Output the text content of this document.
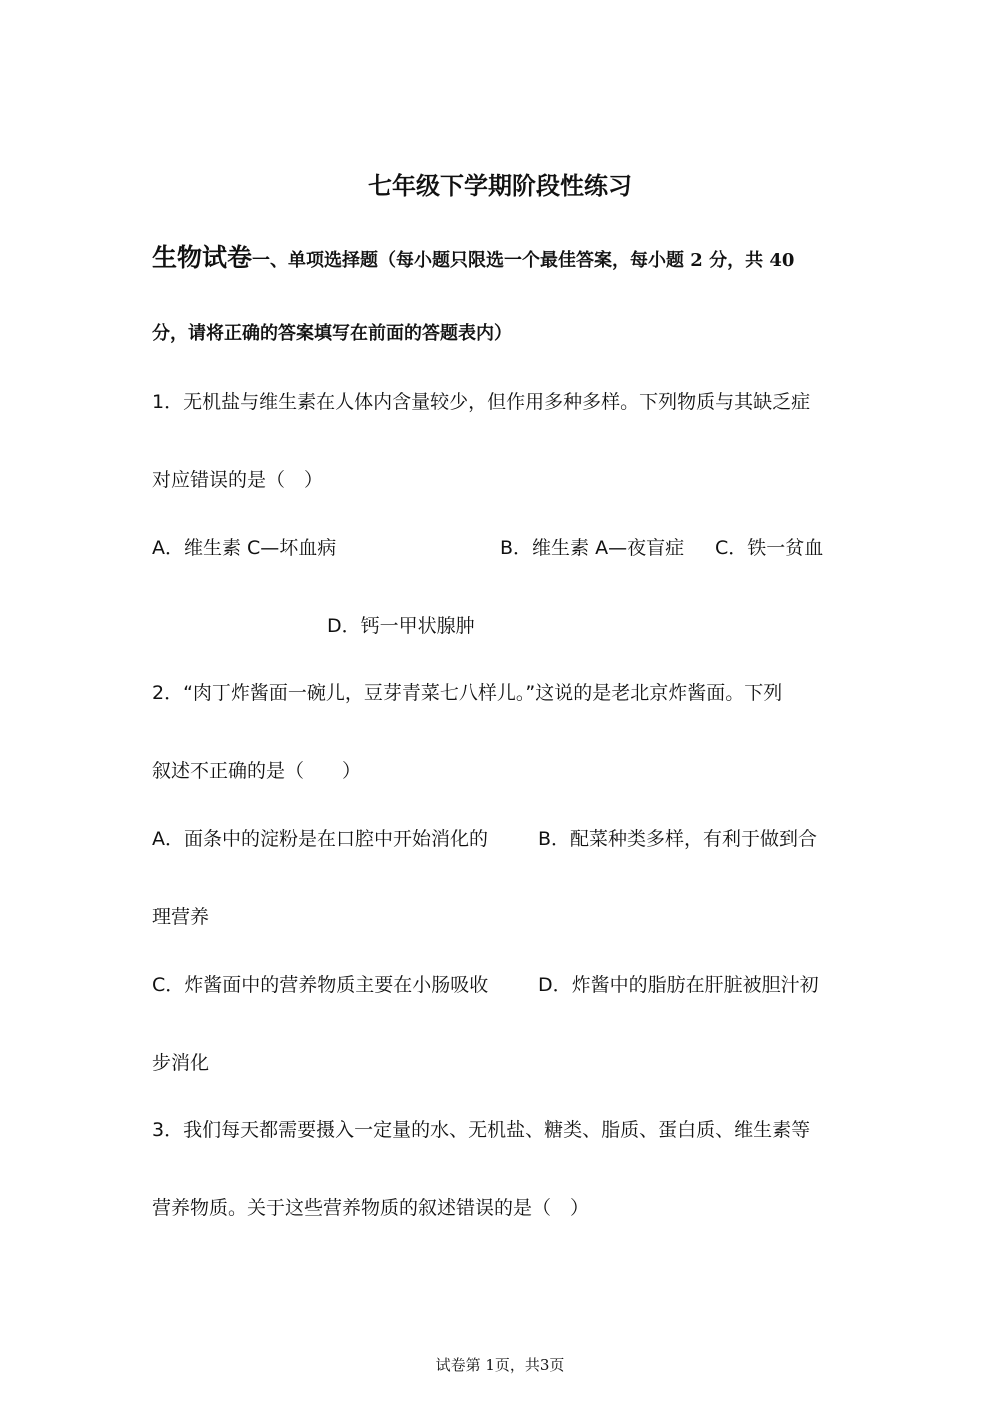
七年级下学期阶段性练习
生物试卷一、单项选择题（每小题只限选一个最佳答案，每小题 2 分，共 40
分，请将正确的答案填写在前面的答题表内）
1．无机盐与维生素在人体内含量较少，但作用多种多样。下列物质与其缺乏症
对应错误的是（　）
A．维生素 C—坏血病	B．维生素 A—夜盲症 C．铁一贫血
D．钙一甲状腺肿
2．“肉丁炸酱面一碗儿，豆芽青菜七八样儿。”这说的是老北京炸酱面。下列
叙述不正确的是（　　）
A．面条中的淀粉是在口腔中开始消化的	B．配菜种类多样，有利于做到合
理营养
C．炸酱面中的营养物质主要在小肠吸收	D．炸酱中的脂肪在肝脏被胆汁初
步消化
3．我们每天都需要摄入一定量的水、无机盐、糖类、脂质、蛋白质、维生素等
营养物质。关于这些营养物质的叙述错误的是（　）
试卷第 1页，共3页
